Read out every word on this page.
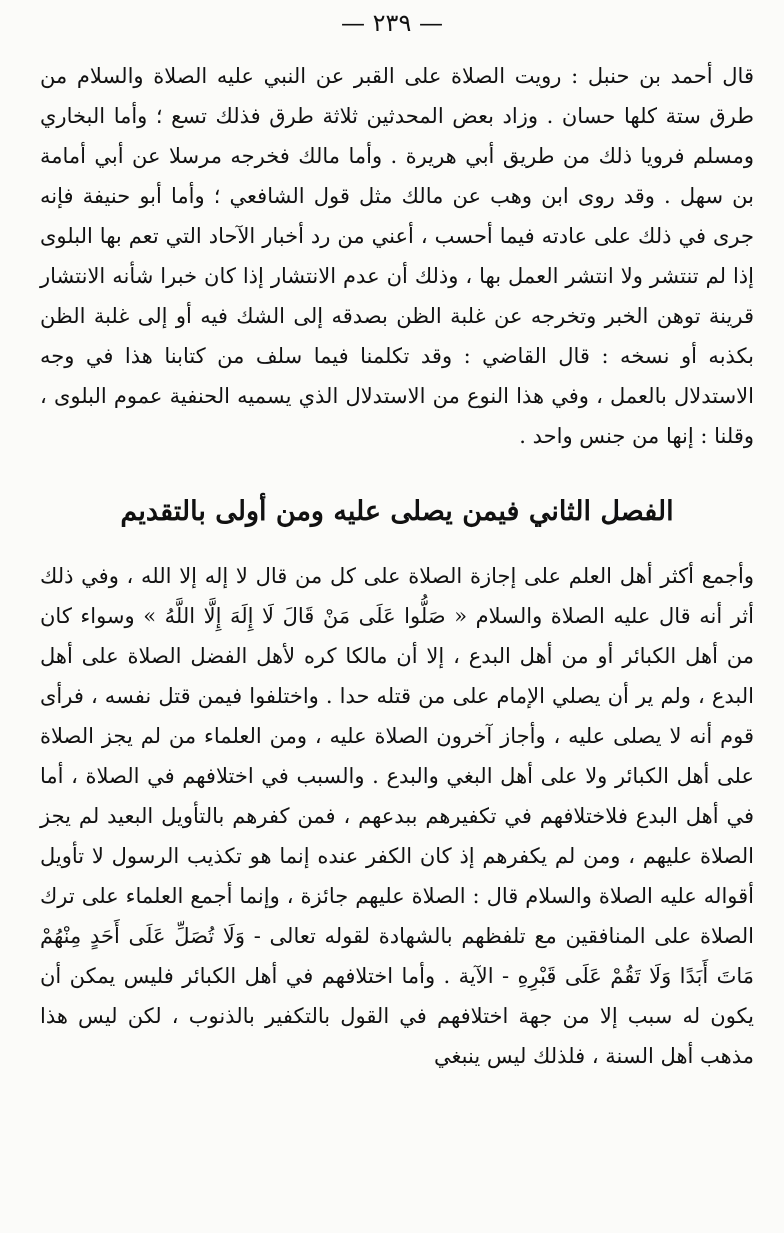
— ٢٣٩ —
قال أحمد بن حنبل : رويت الصلاة على القبر عن النبي عليه الصلاة والسلام من طرق ستة كلها حسان . وزاد بعض المحدثين ثلاثة طرق فذلك تسع ؛ وأما البخاري ومسلم فرويا ذلك من طريق أبي هريرة . وأما مالك فخرجه مرسلا عن أبي أمامة بن سهل . وقد روى ابن وهب عن مالك مثل قول الشافعي ؛ وأما أبو حنيفة فإنه جرى في ذلك على عادته فيما أحسب ، أعني من رد أخبار الآحاد التي تعم بها البلوى إذا لم تنتشر ولا انتشر العمل بها ، وذلك أن عدم الانتشار إذا كان خبرا شأنه الانتشار قرينة توهن الخبر وتخرجه عن غلبة الظن بصدقه إلى الشك فيه أو إلى غلبة الظن بكذبه أو نسخه : قال القاضي : وقد تكلمنا فيما سلف من كتابنا هذا في وجه الاستدلال بالعمل ، وفي هذا النوع من الاستدلال الذي يسميه الحنفية عموم البلوى ، وقلنا : إنها من جنس واحد .
الفصل الثاني فيمن يصلى عليه ومن أولى بالتقديم
وأجمع أكثر أهل العلم على إجازة الصلاة على كل من قال لا إله إلا الله ، وفي ذلك أثر أنه قال عليه الصلاة والسلام « صَلُّوا عَلَى مَنْ قَالَ لَا إِلَهَ إِلَّا اللَّهُ » وسواء كان من أهل الكبائر أو من أهل البدع ، إلا أن مالكا كره لأهل الفضل الصلاة على أهل البدع ، ولم ير أن يصلي الإمام على من قتله حدا . واختلفوا فيمن قتل نفسه ، فرأى قوم أنه لا يصلى عليه ، وأجاز آخرون الصلاة عليه ، ومن العلماء من لم يجز الصلاة على أهل الكبائر ولا على أهل البغي والبدع . والسبب في اختلافهم في الصلاة ، أما في أهل البدع فلاختلافهم في تكفيرهم ببدعهم ، فمن كفرهم بالتأويل البعيد لم يجز الصلاة عليهم ، ومن لم يكفرهم إذ كان الكفر عنده إنما هو تكذيب الرسول لا تأويل أقواله عليه الصلاة والسلام قال : الصلاة عليهم جائزة ، وإنما أجمع العلماء على ترك الصلاة على المنافقين مع تلفظهم بالشهادة لقوله تعالى - وَلَا تُصَلِّ عَلَى أَحَدٍ مِنْهُمْ مَاتَ أَبَدًا وَلَا تَقُمْ عَلَى قَبْرِهِ - الآية . وأما اختلافهم في أهل الكبائر فليس يمكن أن يكون له سبب إلا من جهة اختلافهم في القول بالتكفير بالذنوب ، لكن ليس هذا مذهب أهل السنة ، فلذلك ليس ينبغي
